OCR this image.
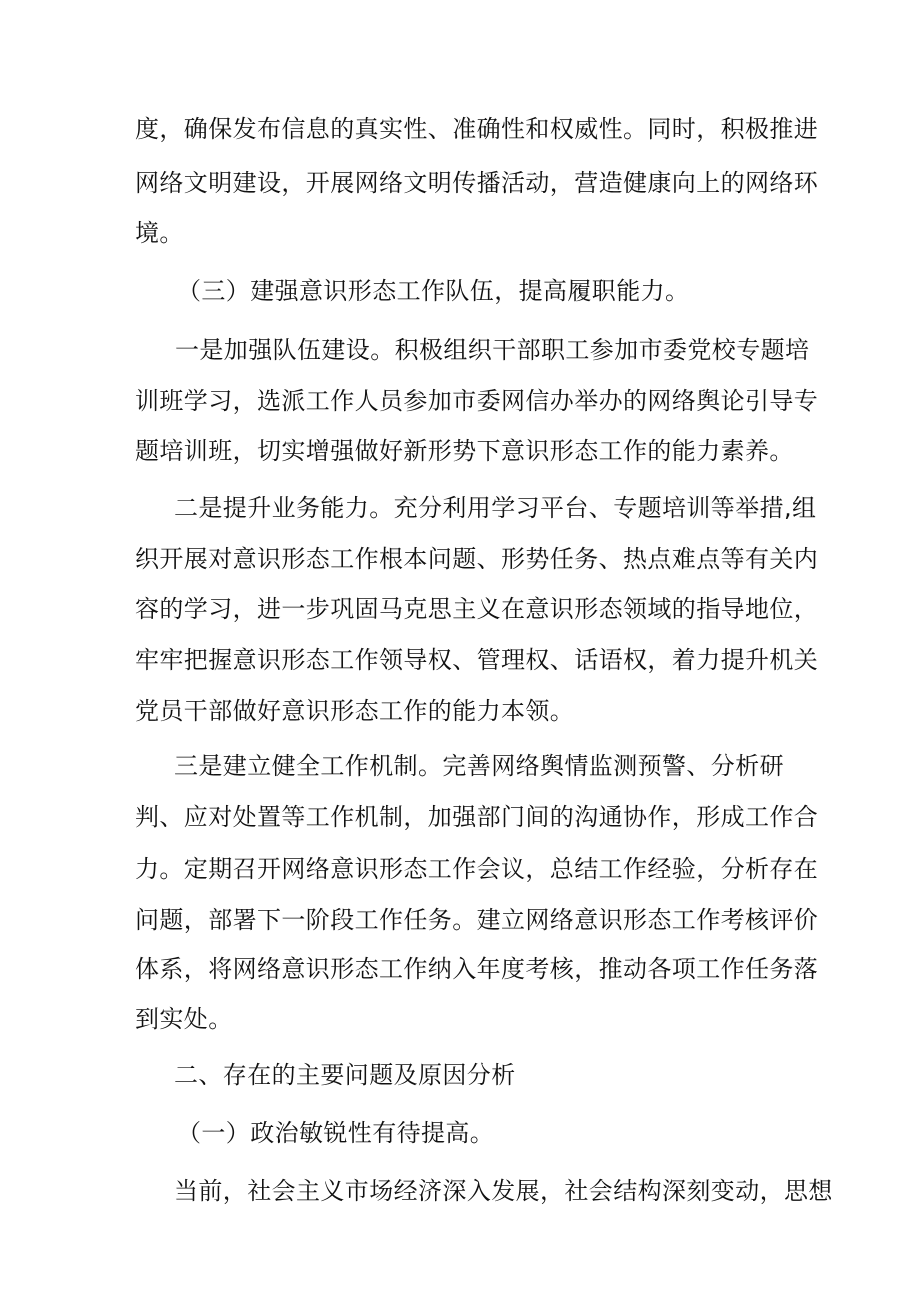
度，确保发布信息的真实性、准确性和权威性。同时，积极推进
网络文明建设，开展网络文明传播活动，营造健康向上的网络环
境。
（三）建强意识形态工作队伍，提高履职能力。
一是加强队伍建设。积极组织干部职工参加市委党校专题培
训班学习，选派工作人员参加市委网信办举办的网络舆论引导专
题培训班，切实增强做好新形势下意识形态工作的能力素养。
二是提升业务能力。充分利用学习平台、专题培训等举措,组
织开展对意识形态工作根本问题、形势任务、热点难点等有关内
容的学习，进一步巩固马克思主义在意识形态领域的指导地位，
牢牢把握意识形态工作领导权、管理权、话语权，着力提升机关
党员干部做好意识形态工作的能力本领。
三是建立健全工作机制。完善网络舆情监测预警、分析研
判、应对处置等工作机制，加强部门间的沟通协作，形成工作合
力。定期召开网络意识形态工作会议，总结工作经验，分析存在
问题，部署下一阶段工作任务。建立网络意识形态工作考核评价
体系，将网络意识形态工作纳入年度考核，推动各项工作任务落
到实处。
二、存在的主要问题及原因分析
（一）政治敏锐性有待提高。
当前，社会主义市场经济深入发展，社会结构深刻变动，思想
